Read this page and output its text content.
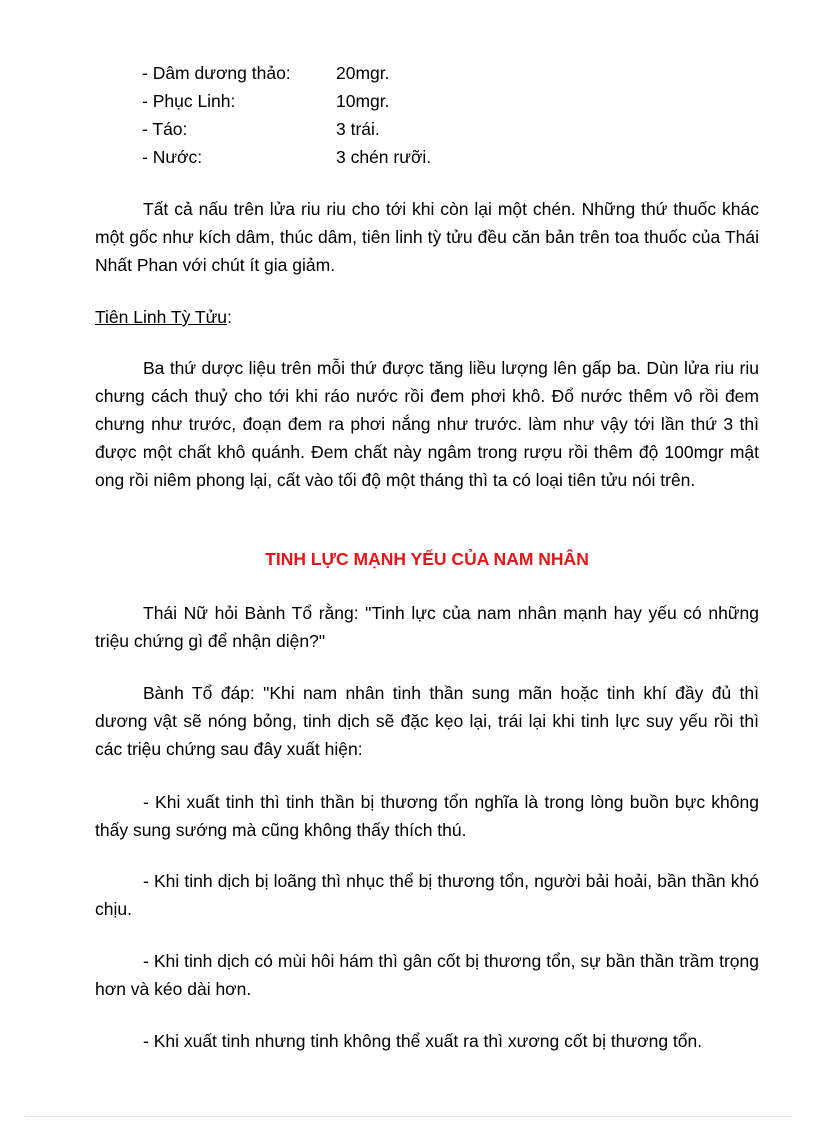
- Dâm dương thảo:	20mgr.
- Phục Linh:	10mgr.
- Táo:	3 trái.
- Nước:	3 chén rưỡi.

Tất cả nấu trên lửa riu riu cho tới khi còn lại một chén. Những thứ thuốc khác một gốc như kích dâm, thúc dâm, tiên linh tỳ tửu đều căn bản trên toa thuốc của Thái Nhất Phan với chút ít gia giảm.

Tiên Linh Tỳ Tửu:

Ba thứ dược liệu trên mỗi thứ được tăng liều lượng lên gấp ba. Dùn lửa riu riu chưng cách thuỷ cho tới khi ráo nước rồi đem phơi khô. Đổ nước thêm vô rồi đem chưng như trước, đoạn đem ra phơi nắng như trước. làm như vậy tới lần thứ 3 thì được một chất khô quánh. Đem chất này ngâm trong rượu rồi thêm độ 100mgr mật ong rồi niêm phong lại, cất vào tối độ một tháng thì ta có loại tiên tửu nói trên.

TINH LỰC MẠNH YẾU CỦA NAM NHÂN

Thái Nữ hỏi Bành Tổ rằng: "Tinh lực của nam nhân mạnh hay yếu có những triệu chứng gì để nhận diện?"

Bành Tổ đáp: "Khi nam nhân tinh thần sung mãn hoặc tinh khí đầy đủ thì dương vật sẽ nóng bỏng, tinh dịch sẽ đặc kẹo lại, trái lại khi tinh lực suy yếu rồi thì các triệu chứng sau đây xuất hiện:

- Khi xuất tinh thì tinh thần bị thương tổn nghĩa là trong lòng buồn bực không thấy sung sướng mà cũng không thấy thích thú.

- Khi tinh dịch bị loãng thì nhục thể bị thương tổn, người bải hoải, bần thần khó chịu.

- Khi tinh dịch có mùi hôi hám thì gân cốt bị thương tổn, sự bần thần trầm trọng hơn và kéo dài hơn.

- Khi xuất tinh nhưng tinh không thể xuất ra thì xương cốt bị thương tổn.
